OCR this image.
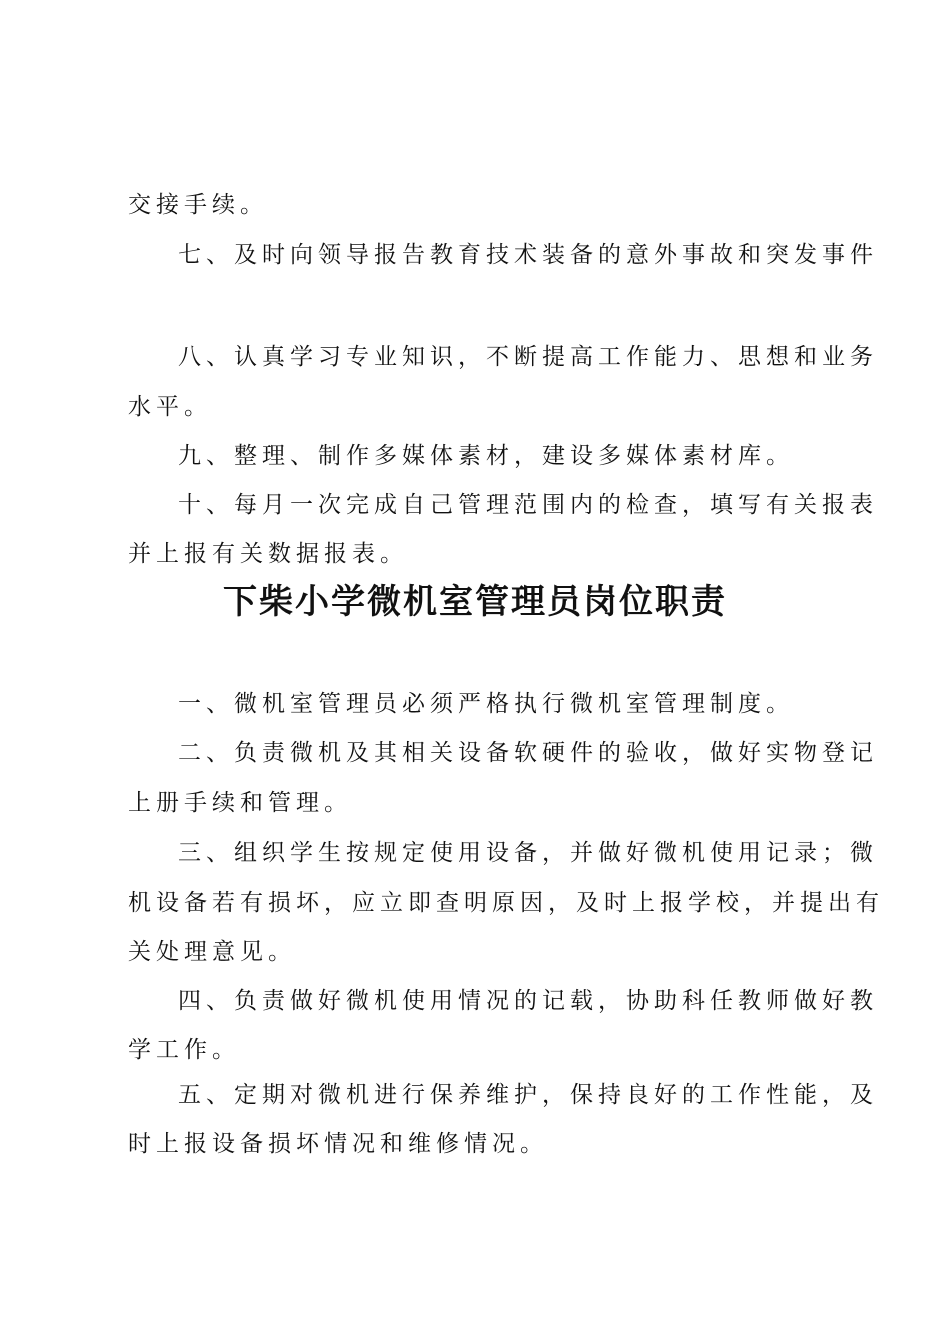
交接手续。
七、及时向领导报告教育技术装备的意外事故和突发事件
八、认真学习专业知识，不断提高工作能力、思想和业务
水平。
九、整理、制作多媒体素材，建设多媒体素材库。
十、每月一次完成自己管理范围内的检查，填写有关报表
并上报有关数据报表。
下柴小学微机室管理员岗位职责
一、微机室管理员必须严格执行微机室管理制度。
二、负责微机及其相关设备软硬件的验收，做好实物登记
上册手续和管理。
三、组织学生按规定使用设备，并做好微机使用记录；微
机设备若有损坏，应立即查明原因，及时上报学校，并提出有
关处理意见。
四、负责做好微机使用情况的记载，协助科任教师做好教
学工作。
五、定期对微机进行保养维护，保持良好的工作性能，及
时上报设备损坏情况和维修情况。
